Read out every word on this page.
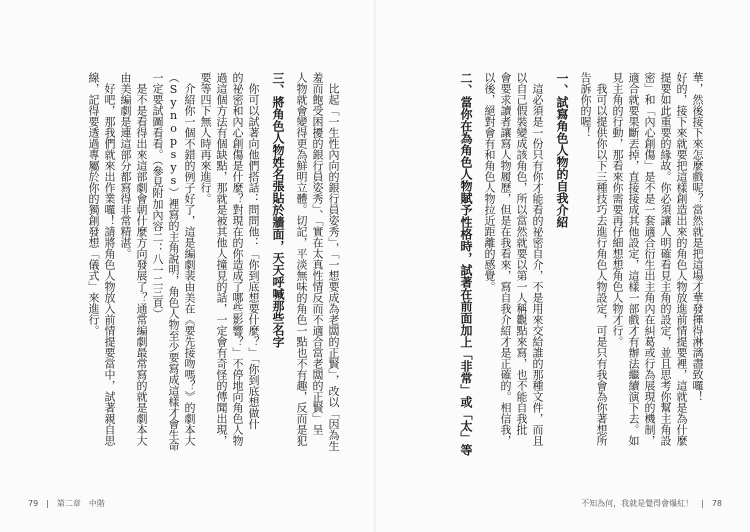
華，然後接下來怎麼戲呢？當然就是把這場才華發揮得淋漓盡致囉！
好的，接下來就要把這樣創造出來的角色人物放進前情提要裡，這就是為什麼
提要如此重要的緣故。你必須讓人明確看見主角的設定，並且思考你幫主角設
密」和「內心創傷」是不是一套適合衍生出主角內在糾葛或行為展現的機制，
適合就要果斷丟掉，直接接成其他設定，這樣一部戲才有辦法繼續演下去。如
見主角的行動，那看來你需要再仔細想想角色人物才行。
　我可以提供你以下三種技巧去進行角色人物設定，可是只有我會為你著想所
告訴你的喔！
一、試寫角色人物的自我介紹
　這必須是一份只有你才能看的祕密自介，不是用來交給誰的那種文件，而且
以自己假裝變成該角色，所以當然就要以第一人稱觀點來寫，也不能自我批
會要求讀者讓寫人物履歷，但是在我看來，寫自我介紹才是正確的。相信我，
以後，絕對會有和角色人物拉近距離的感覺。
二、當你在為角色人物賦予性格時，試著在前面加上「非常」或「太」等
　比起「一生性內向的銀行員姿秀」，「一想要成為老闆的正賢」，改以「因為生
羞而飽受困擾的銀行員姿秀」、「實在太真性情反而不適合當老闆的正賢」呈
人物就會變得更為鮮明立體。切記，平淡無味的角色一點也不有趣，反而是犯
三、將角色人物姓名張貼於牆面，天天呼喊那些名字
　你可以試著向他們搭話：問問他：「你到底想要什麼？」「你到底想做什
的祕密和內心創傷是什麼？對現在的你造成了哪些影響？」不停地向角色人物
過這個方法有個缺點，那就是被其他人撞見的話，一定會有奇怪的傳聞出現，
要等四下無人時再來進行。
　介紹你一個不錯的例子好了，這是編劇裴由美在《要先接吻嗎？》的劇本大
（Synopsys）裡寫的主角說明，角色人物至少要寫成這樣才會生命
一定要試圖看看。（參見附加內容二：八一二三頁）
　是不是看得出來這部劇會朝什麼方向發展了？通常編劇最常寫的就是劇本大
由美編劇是連這部分都寫得非常精湛。
　好吧，那我們就來出作業囉！請將角色人物放入前情提要當中，試著親自思
線，記得要透過專屬於你的獨創發想「儀式」來進行。
79　|　第二章　中階	不知為何，我就是覺得會爆紅！　|　78
